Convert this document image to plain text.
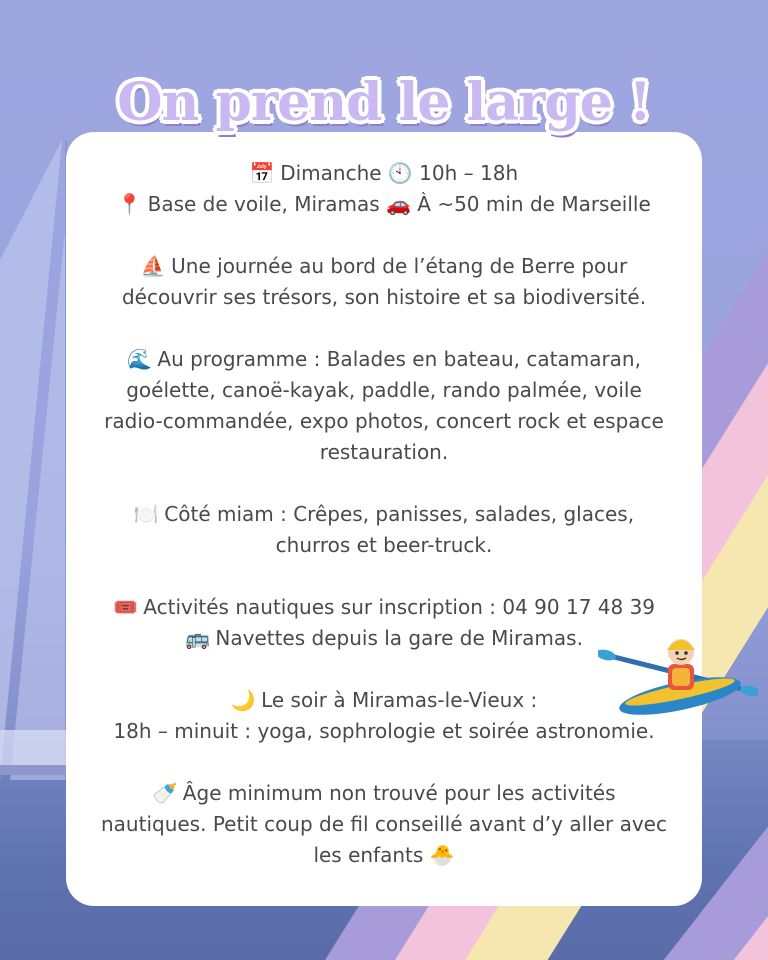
On prend le large !
📅 Dimanche 🕙 10h – 18h
📍 Base de voile, Miramas 🚗 À ~50 min de Marseille
⛵ Une journée au bord de l’étang de Berre pour
découvrir ses trésors, son histoire et sa biodiversité.
🌊 Au programme : Balades en bateau, catamaran,
goélette, canoë-kayak, paddle, rando palmée, voile
radio-commandée, expo photos, concert rock et espace
restauration.
🍽️ Côté miam : Crêpes, panisses, salades, glaces,
churros et beer-truck.
🎟️ Activités nautiques sur inscription : 04 90 17 48 39
🚌 Navettes depuis la gare de Miramas.
🌙 Le soir à Miramas-le-Vieux :
18h – minuit : yoga, sophrologie et soirée astronomie.
🍼 Âge minimum non trouvé pour les activités
nautiques. Petit coup de fil conseillé avant d’y aller avec
les enfants 🐣
